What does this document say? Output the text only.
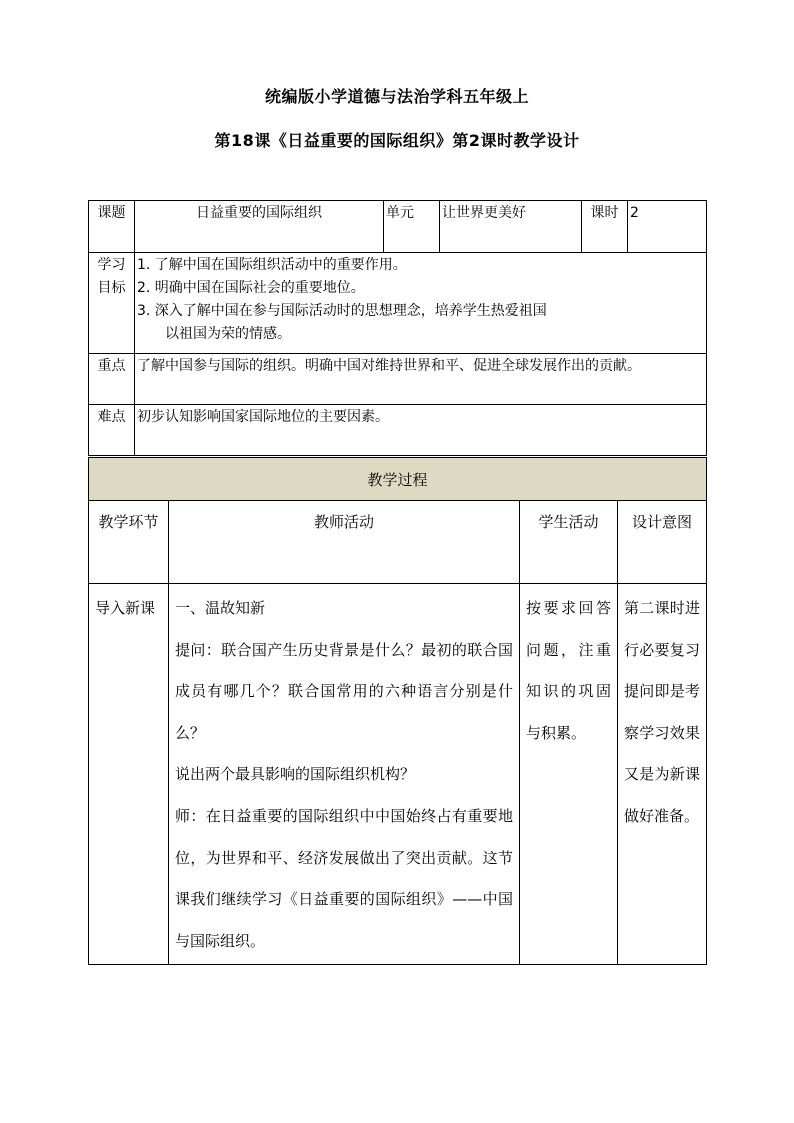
统编版小学道德与法治学科五年级上
第18课《日益重要的国际组织》第2课时教学设计
课题	日益重要的国际组织	单元	让世界更美好	课时	2
学习目标	1. 了解中国在国际组织活动中的重要作用。
2. 明确中国在国际社会的重要地位。
3. 深入了解中国在参与国际活动时的思想理念，培养学生热爱祖国
以祖国为荣的情感。				

重点	了解中国参与国际的组织。明确中国对维持世界和平、促进全球发展作出的贡献。				
难点	初步认知影响国家国际地位的主要因素。				
教学过程			
教学环节	教师活动	学生活动	设计意图
导入新课	一、温故知新
提问：联合国产生历史背景是什么？最初的联合国成员有哪几个？联合国常用的六种语言分别是什么？
说出两个最具影响的国际组织机构？
师：在日益重要的国际组织中中国始终占有重要地位，为世界和平、经济发展做出了突出贡献。这节课我们继续学习《日益重要的国际组织》——中国与国际组织。	按要求回答问题，注重知识的巩固与积累。	第二课时进行必要复习提问即是考察学习效果又是为新课做好准备。
